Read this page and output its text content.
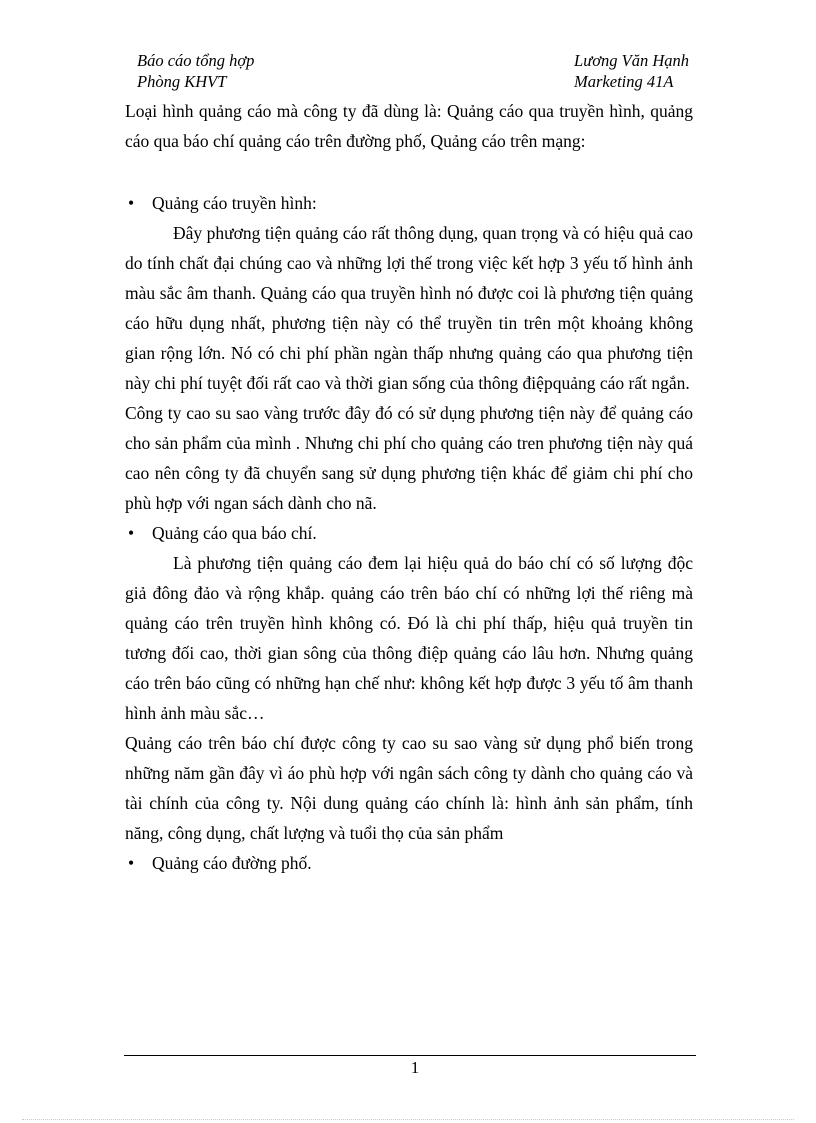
Báo cáo tổng hợp
Phòng KHVT
Lương Văn Hạnh
Marketing 41A

Loại hình quảng cáo mà công ty đã dùng là: Quảng cáo qua truyền hình, quảng cáo qua báo chí quảng cáo trên đường phố, Quảng cáo trên mạng:

• Quảng cáo truyền hình:

Đây phương tiện quảng cáo rất thông dụng, quan trọng và có hiệu quả cao do tính chất đại chúng cao và những lợi thế trong việc kết hợp 3 yếu tố hình ảnh màu sắc âm thanh. Quảng cáo qua truyền hình nó được coi là phương tiện quảng cáo hữu dụng nhất, phương tiện này có thể truyền tin trên một khoảng không gian rộng lớn. Nó có chi phí phần ngàn thấp nhưng quảng cáo qua phương tiện này chi phí tuyệt đối rất cao và thời gian sống của thông điệpquảng cáo rất ngắn.

Công ty cao su sao vàng trước đây đó có sử dụng phương tiện này để quảng cáo cho sản phẩm của mình . Nhưng chi phí cho quảng cáo tren phương tiện này quá cao nên công ty đã chuyển sang sử dụng phương tiện khác để giảm chi phí cho phù hợp với ngan sách dành cho nã.

• Quảng cáo qua báo chí.

Là phương tiện quảng cáo đem lại hiệu quả do báo chí có số lượng độc giả đông đảo và rộng khắp. quảng cáo trên báo chí có những lợi thế riêng mà quảng cáo trên truyền hình không có. Đó là chi phí thấp, hiệu quả truyền tin tương đối cao, thời gian sông của thông điệp quảng cáo lâu hơn. Nhưng quảng cáo trên báo cũng có những hạn chế như: không kết hợp được 3 yếu tố âm thanh hình ảnh màu sắc…

Quảng cáo trên báo chí được công ty cao su sao vàng sử dụng phổ biến trong những năm gần đây vì áo phù hợp với ngân sách công ty dành cho quảng cáo và tài chính của công ty. Nội dung quảng cáo chính là: hình ảnh sản phẩm, tính năng, công dụng, chất lượng và tuổi thọ của sản phẩm

• Quảng cáo đường phố.

1
